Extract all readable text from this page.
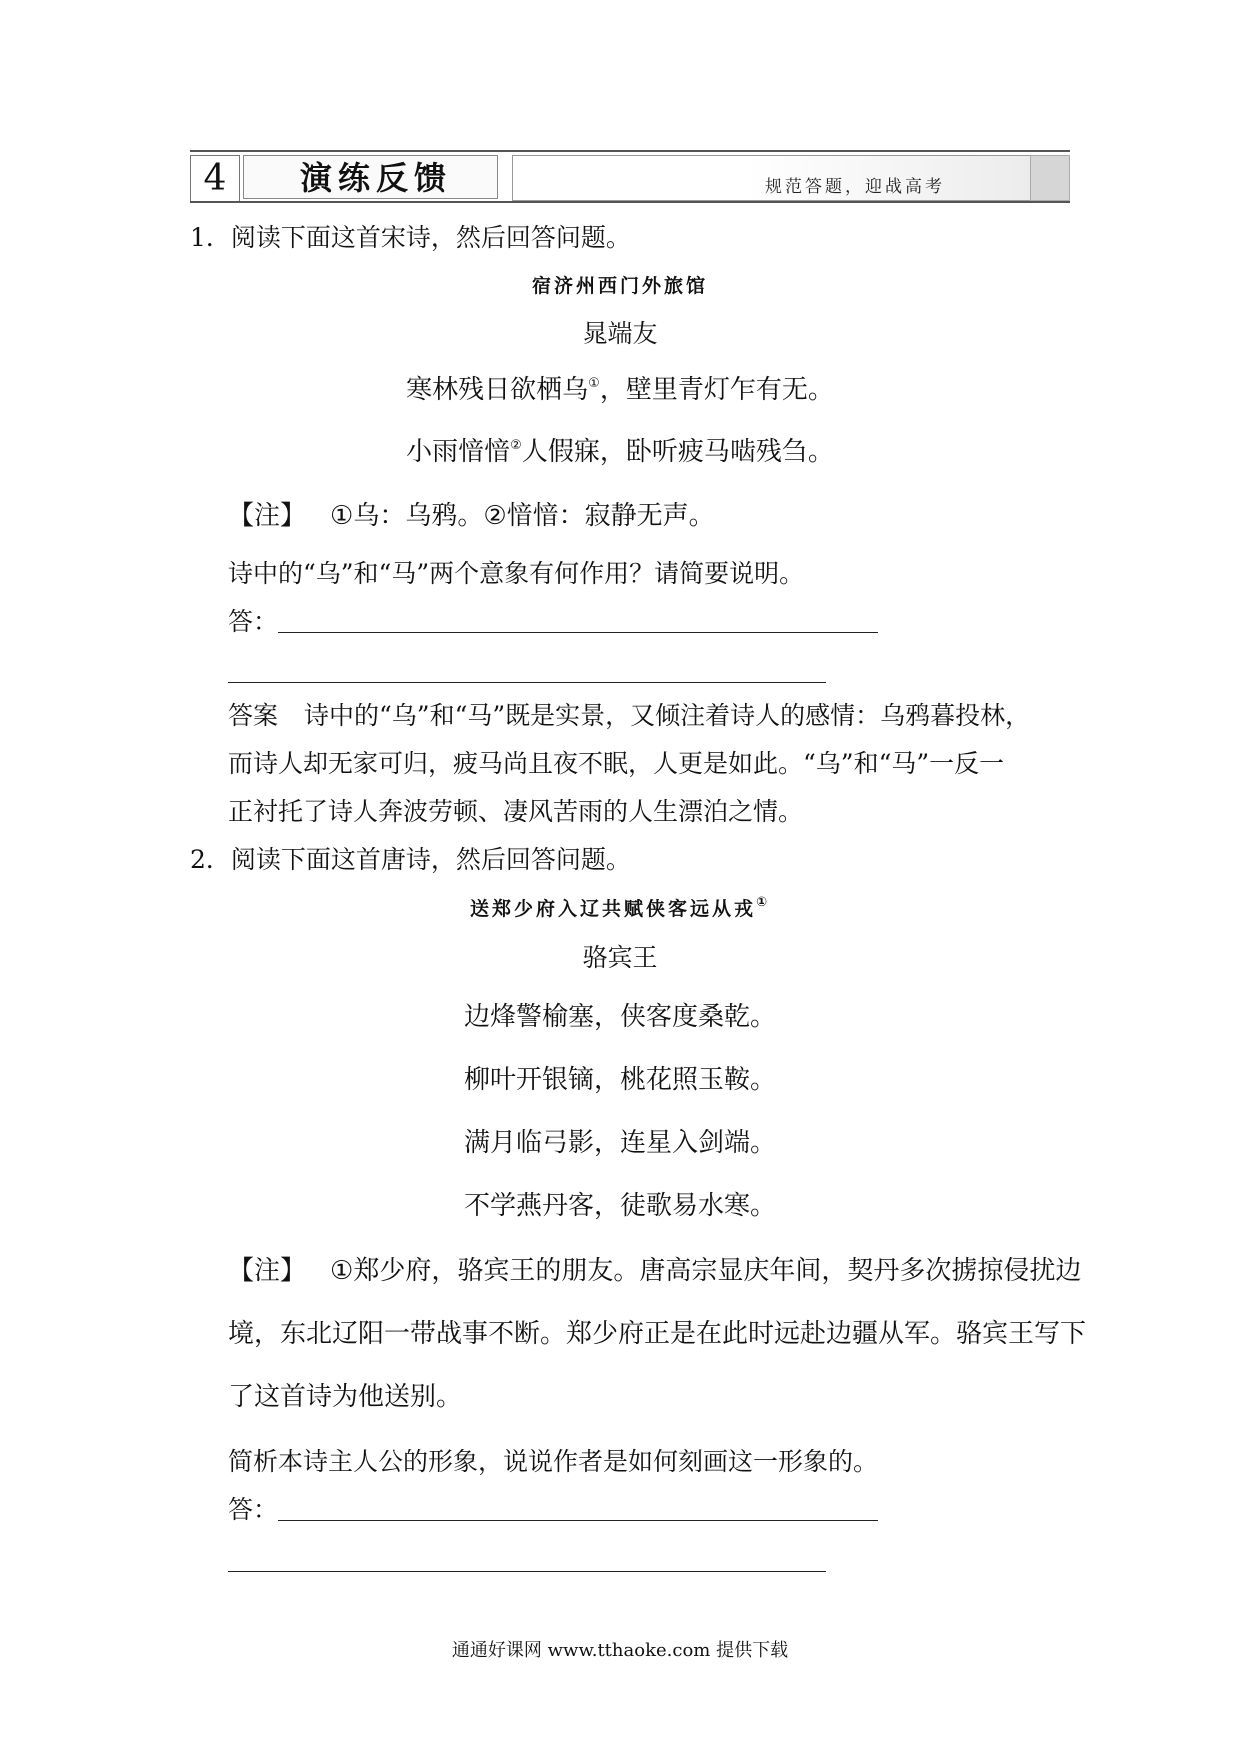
4	演练反馈	规范答题，迎战高考
1．阅读下面这首宋诗，然后回答问题。
宿济州西门外旅馆
晁端友
寒林残日欲栖乌①，壁里青灯乍有无。
小雨愔愔②人假寐，卧听疲马啮残刍。
【注】 ①乌：乌鸦。②愔愔：寂静无声。
诗中的“乌”和“马”两个意象有何作用？请简要说明。
答：
答案 诗中的“乌”和“马”既是实景，又倾注着诗人的感情：乌鸦暮投林，
而诗人却无家可归，疲马尚且夜不眠，人更是如此。“乌”和“马”一反一
正衬托了诗人奔波劳顿、凄风苦雨的人生漂泊之情。
2．阅读下面这首唐诗，然后回答问题。
送郑少府入辽共赋侠客远从戎①
骆宾王
边烽警榆塞，侠客度桑乾。
柳叶开银镝，桃花照玉鞍。
满月临弓影，连星入剑端。
不学燕丹客，徒歌易水寒。
【注】 ①郑少府，骆宾王的朋友。唐高宗显庆年间，契丹多次掳掠侵扰边
境，东北辽阳一带战事不断。郑少府正是在此时远赴边疆从军。骆宾王写下
了这首诗为他送别。
简析本诗主人公的形象，说说作者是如何刻画这一形象的。
答：
通通好课网 www.tthaoke.com 提供下载
